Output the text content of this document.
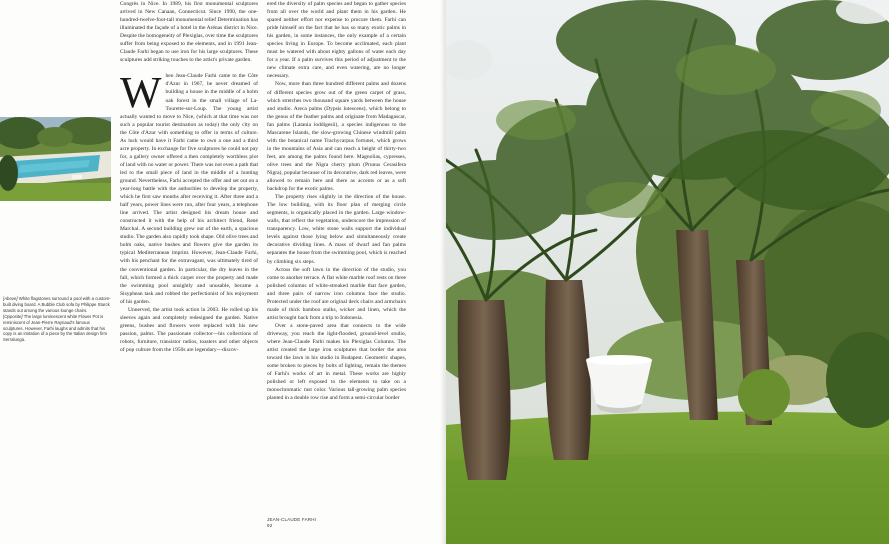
[Above] White flagstones surround a pool with a custom-built diving board. A Bubble Club sofa by Philippe Starck stands out among the various lounge chairs.

[Opposite] The large luminescent white Flower Pot is reminiscent of Jean-Pierre Raynaud's famous sculptures. However, Farhi laughs and admits that his copy is an imitation of a piece by the Italian design firm Serralunga.

Congrès in Nice. In 1989, his first monumental sculptures arrived in New Canaan, Connecticut. Since 1990, the one-hundred-twelve-foot-tall monumental relief Determination has illuminated the façade of a hotel in the Arénas district in Nice. Despite the homogeneity of Plexiglas, over time the sculptures suffer from being exposed to the elements, and in 1991 Jean-Claude Farhi began to use iron for his large sculptures. These sculptures add striking touches to the artist's private garden.

When Jean-Claude Farhi came to the Côte d'Azur in 1967, he never dreamed of building a house in the middle of a holm oak forest in the small village of La-Tourette-sur-Loup. The young artist actually wanted to move to Nice, (which at that time was not such a popular tourist destination as today) the only city on the Côte d'Azur with something to offer in terms of culture. As luck would have it Farhi came to own a one and a third acre property. In exchange for five sculptures he could not pay for, a gallery owner offered a then completely worthless plot of land with no water or power. There was not even a path that led to the small piece of land in the middle of a hunting ground. Nevertheless, Farhi accepted the offer and set out on a year-long battle with the authorities to develop the property, which he first saw months after receiving it. After three and a half years, power lines were run, after four years, a telephone line arrived. The artist designed his dream house and constructed it with the help of his architect friend, René Marchal. A second building grew out of the earth, a spacious studio. The garden also rapidly took shape. Old olive trees and holm oaks, native bushes and flowers give the garden its typical Mediterranean imprint. However, Jean-Claude Farhi, with his penchant for the extravagant, was ultimately tired of the conventional garden. In particular, the dry leaves in the fall, which formed a thick carpet over the property and made the swimming pool unsightly and unusable, became a Sisyphean task and robbed the perfectionist of his enjoyment of his garden.

Unnerved, the artist took action in 2003. He rolled up his sleeves again and completely redesigned the garden. Native greens, bushes and flowers were replaced with his new passion, palms. The passionate collector—his collections of robots, furniture, transistor radios, toasters and other objects of pop culture from the 1950s are legendary—discov-

ered the diversity of palm species and began to gather species from all over the world and plant them in his garden. He spared neither effort nor expense to procure them. Farhi can pride himself on the fact that he has so many exotic palms in his garden, in some instances, the only example of a certain species living in Europe. To become acclimated, each plant must be watered with about eighty gallons of water each day for a year. If a palm survives this period of adjustment to the new climate extra care, and even watering, are no longer necessary.

Now, more than three hundred different palms and dozens of different species grow out of the green carpet of grass, which stretches two thousand square yards between the house and studio. Areca palms (Dypsis lutescens), which belong to the genus of the feather palms and originate from Madagascar, fan palms (Latania loddigesii), a species indigenous to the Mascarene Islands, the slow-growing Chinese windmill palm with the botanical name Trachycarpus fortunei, which grows in the mountains of Asia and can reach a height of thirty-two feet, are among the palms found here. Magnolias, cypresses, olive trees and the Nigra cherry plum (Prunus Cerasifera Nigra), popular because of its decorative, dark red leaves, were allowed to remain here and there as accents or as a soft backdrop for the exotic palms.

The property rises slightly in the direction of the house. The low building, with its floor plan of merging circle segments, is organically placed in the garden. Large window-walls, that reflect the vegetation, underscore the impression of transparency. Low, white stone walls support the individual levels against those lying below and simultaneously create decorative dividing lines. A mass of dwarf and fan palms separates the house from the swimming pool, which is reached by climbing six steps.

Across the soft lawn in the direction of the studio, you come to another terrace. A flat white marble roof rests on three polished columns of white-streaked marble that face garden, and three pairs of narrow iron columns face the studio. Protected under the roof are original deck chairs and armchairs made of thick bamboo stalks, wicker and linen, which the artist brought back from a trip to Indonesia.

Over a stone-paved area that connects to the wide driveway, you reach the light-flooded, ground-level studio, where Jean-Claude Farhi makes his Plexiglas Columns. The artist created the large iron sculptures that border the area toward the lawn in his studio in Budapest. Geometric shapes, some broken to pieces by bolts of lighting, remain the themes of Farhi's works of art in metal. These works are highly polished or left exposed to the elements to take on a monochromatic rust color. Various tall-growing palm species planted in a double row rise and form a semi-circular border

JEAN-CLAUDE FARHI
92
